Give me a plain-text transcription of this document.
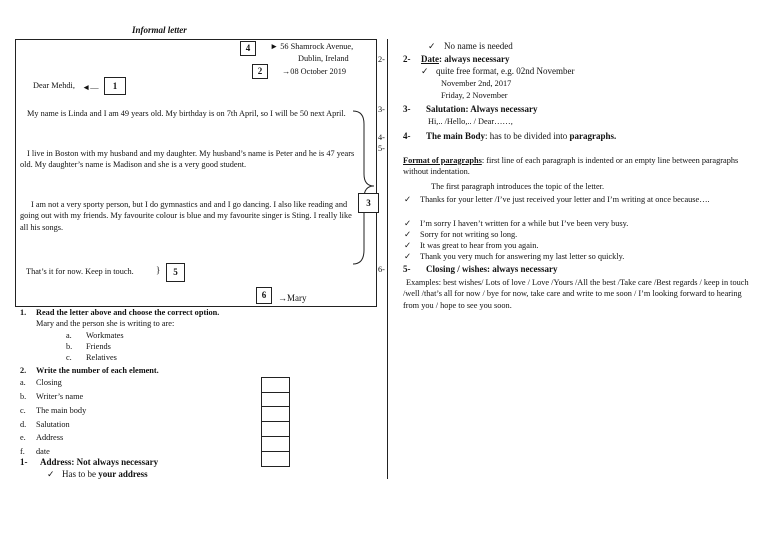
Informal letter
4	► 56 Shamrock Avenue,
Dublin, Ireland
2	→08 October 2019
Dear Mehdi, ◄—	1
My name is Linda and I am 49 years old. My birthday is on 7th April, so I will be 50 next April.
I live in Boston with my husband and my daughter. My husband’s name is Peter and he is 47 years old. My daughter’s name is Madison and she is a very good student.
I am not a very sporty person, but I do gymnastics and and I go dancing. I also like reading and going out with my friends. My favourite colour is blue and my favourite singer is Sting. I really like all his songs.
3
That’s it for now. Keep in touch. }	5
6	→Mary
1. Read the letter above and choose the correct option.
Mary and the person she is writing to are:
a. Workmates
b. Friends
c. Relatives
2. Write the number of each element.
a. Closing
b. Writer’s name
c. The main body
d. Salutation
e. Address
f. date
1- Address: Not always necessary
✓ Has to be your address
2-
3-
4-
5-
6-
✓ No name is needed
2- Date: always necessary
✓ quite free format, e.g. 02nd November
November 2nd, 2017
Friday, 2 November
3- Salutation: Always necessary
Hi,.. /Hello,.. / Dear……,
4- The main Body: has to be divided into paragraphs.
Format of paragraphs: first line of each paragraph is indented or an empty line between paragraphs without indentation.
The first paragraph introduces the topic of the letter.
✓ Thanks for your letter /I’ve just received your letter and I’m writing at once because….
✓ I’m sorry I haven’t written for a while but I’ve been very busy.
✓ Sorry for not writing so long.
✓ It was great to hear from you again.
✓ Thank you very much for answering my last letter so quickly.
5- Closing / wishes: always necessary
Examples: best wishes/ Lots of love / Love /Yours /All the best /Take care /Best regards / keep in touch /well /that’s all for now / bye for now, take care and write to me soon / I’m looking forward to hearing from you / hope to see you soon.
